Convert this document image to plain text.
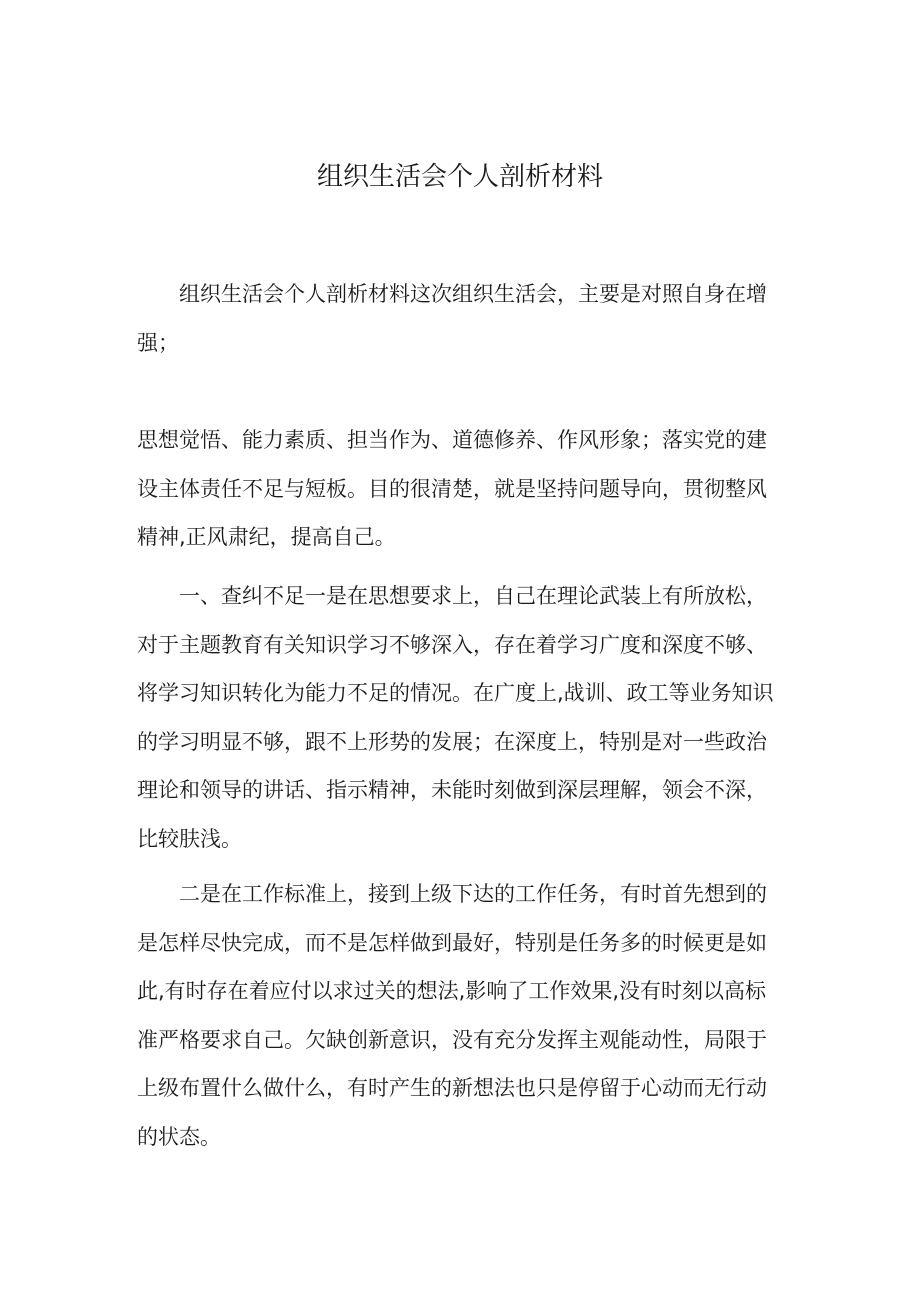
组织生活会个人剖析材料

组织生活会个人剖析材料这次组织生活会，主要是对照自身在增强；

思想觉悟、能力素质、担当作为、道德修养、作风形象；落实党的建设主体责任不足与短板。目的很清楚，就是坚持问题导向，贯彻整风精神,正风肃纪，提高自己。

一、查纠不足一是在思想要求上，自己在理论武装上有所放松，对于主题教育有关知识学习不够深入，存在着学习广度和深度不够、将学习知识转化为能力不足的情况。在广度上,战训、政工等业务知识的学习明显不够，跟不上形势的发展；在深度上，特别是对一些政治理论和领导的讲话、指示精神，未能时刻做到深层理解，领会不深，比较肤浅。

二是在工作标准上，接到上级下达的工作任务，有时首先想到的是怎样尽快完成，而不是怎样做到最好，特别是任务多的时候更是如此,有时存在着应付以求过关的想法,影响了工作效果,没有时刻以高标准严格要求自己。欠缺创新意识，没有充分发挥主观能动性，局限于上级布置什么做什么，有时产生的新想法也只是停留于心动而无行动的状态。
